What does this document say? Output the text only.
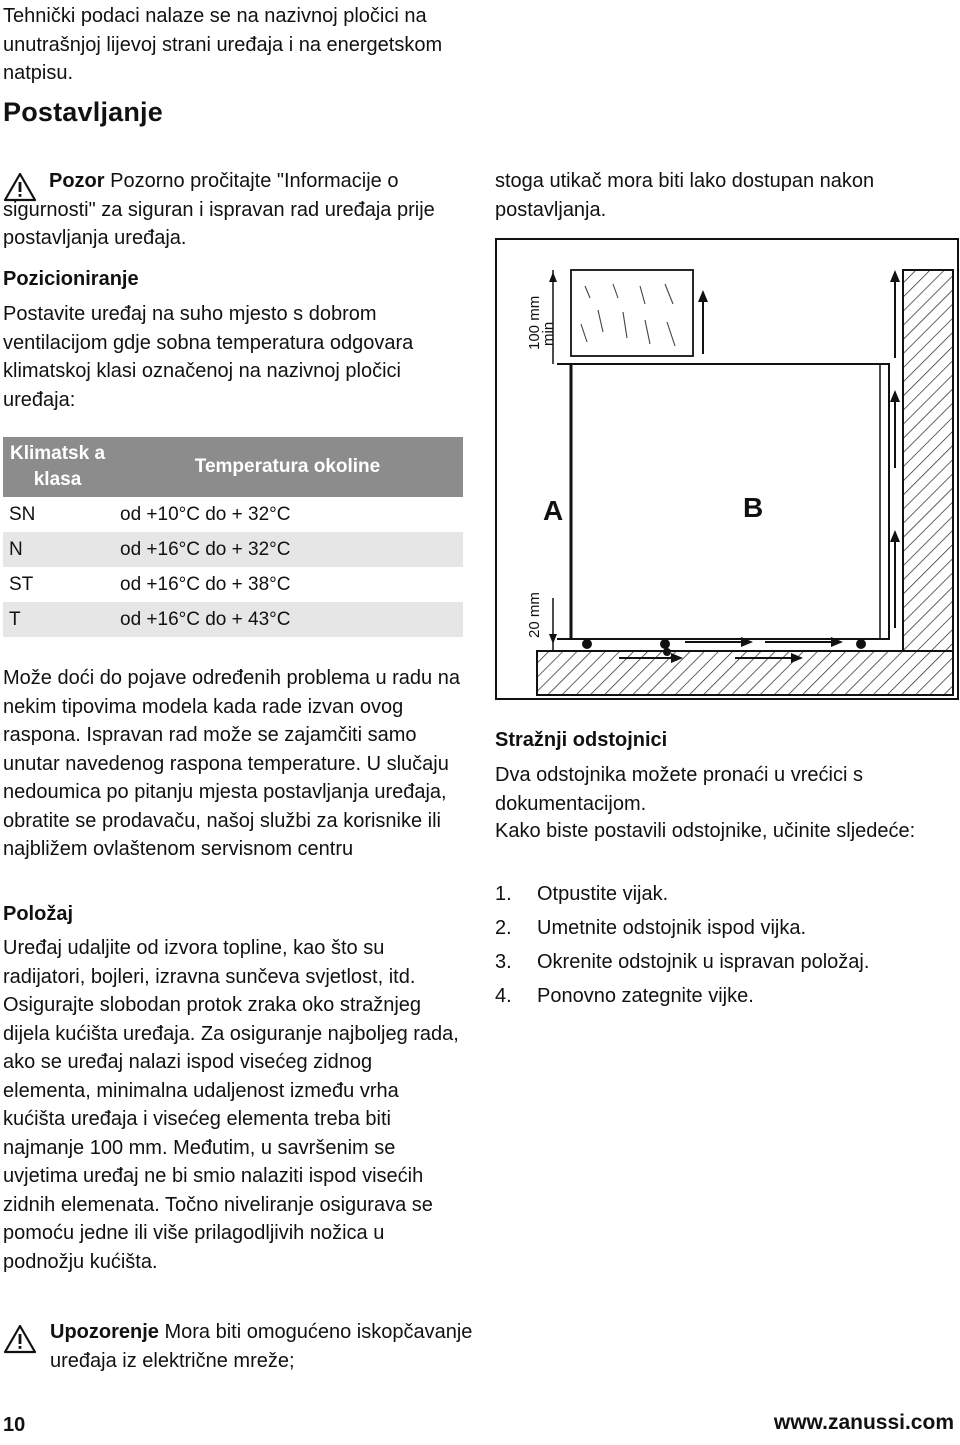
Tehnički podaci nalaze se na nazivnoj pločici na unutrašnjoj lijevoj strani uređaja i na energetskom natpisu.

Postavljanje
Pozor Pozorno pročitajte "Informacije o sigurnosti" za siguran i ispravan rad uređaja prije postavljanja uređaja.
Pozicioniranje

Postavite uređaj na suho mjesto s dobrom ventilacijom gdje sobna temperatura odgovara klimatskoj klasi označenoj na nazivnoj pločici uređaja:

Klimatsk a klasa	Temperatura okoline
SN	od +10°C do + 32°C
N	od +16°C do + 32°C
ST	od +16°C do + 38°C
T	od +16°C do + 43°C

Može doći do pojave određenih problema u radu na nekim tipovima modela kada rade izvan ovog raspona. Ispravan rad može se zajamčiti samo unutar navedenog raspona temperature. U slučaju nedoumica po pitanju mjesta postavljanja uređaja, obratite se prodavaču, našoj službi za korisnike ili najbližem ovlaštenom servisnom centru

Položaj

Uređaj udaljite od izvora topline, kao što su radijatori, bojleri, izravna sunčeva svjetlost, itd. Osigurajte slobodan protok zraka oko stražnjeg dijela kućišta uređaja. Za osiguranje najboljeg rada, ako se uređaj nalazi ispod visećeg zidnog elementa, minimalna udaljenost između vrha kućišta uređaja i visećeg elementa treba biti najmanje 100 mm. Međutim, u savršenim se uvjetima uređaj ne bi smio nalaziti ispod visećih zidnih elemenata. Točno niveliranje osigurava se pomoću jedne ili više prilagodljivih nožica u podnožju kućišta.

Upozorenje Mora biti omogućeno iskopčavanje uređaja iz električne mreže;

stoga utikač mora biti lako dostupan nakon postavljanja.

A	B
100 mm
min
20 mm
Stražnji odstojnici

Dva odstojnika možete pronaći u vrećici s dokumentacijom.

Kako biste postavili odstojnike, učinite sljedeće:

1.	Otpustite vijak.
2.	Umetnite odstojnik ispod vijka.
3.	Okrenite odstojnik u ispravan položaj.
4.	Ponovno zategnite vijke.
10	www.zanussi.com
